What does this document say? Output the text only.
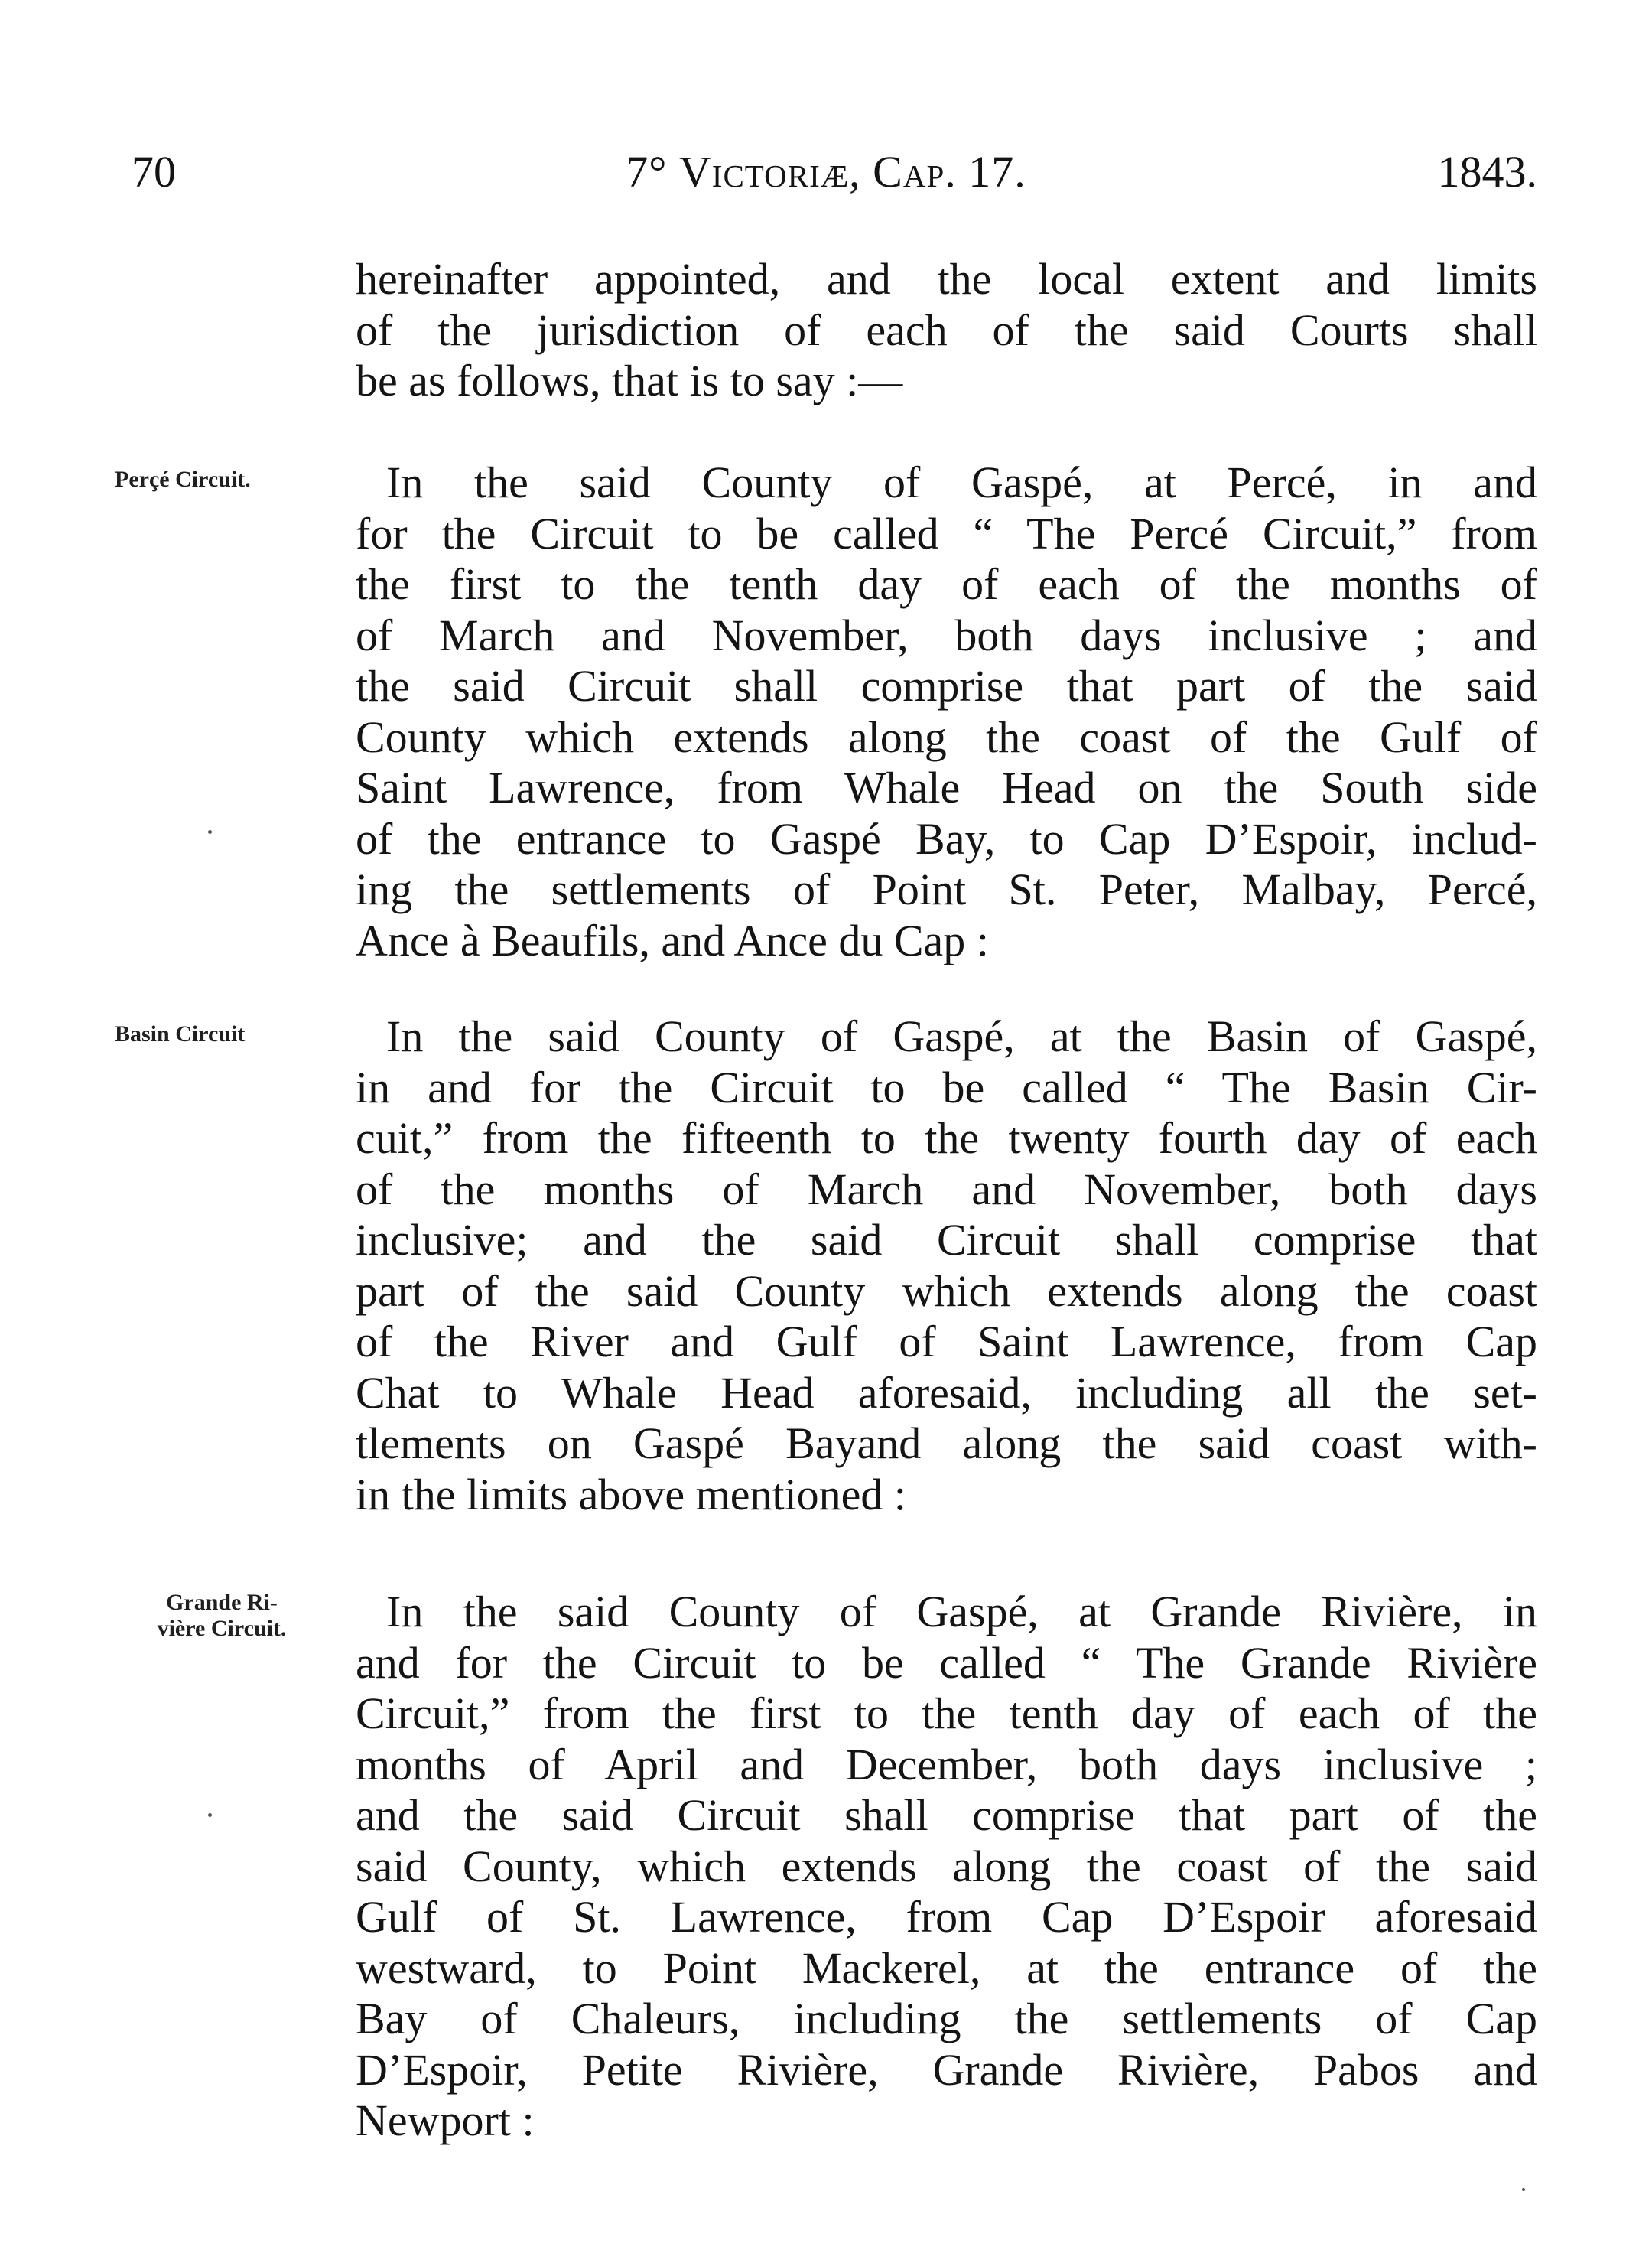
70	7° Victoriæ, Cap. 17.	1843.

hereinafter appointed, and the local extent and limits
of the jurisdiction of each of the said Courts shall
be as follows, that is to say :—

Perçé Circuit.	In the said County of Gaspé, at Percé, in and
for the Circuit to be called “ The Percé Circuit,” from
the first to the tenth day of each of the months of
of March and November, both days inclusive ; and
the said Circuit shall comprise that part of the said
County which extends along the coast of the Gulf of
Saint Lawrence, from Whale Head on the South side
of the entrance to Gaspé Bay, to Cap D’Espoir, includ-
ing the settlements of Point St. Peter, Malbay, Percé,
Ance à Beaufils, and Ance du Cap :

Basin Circuit	In the said County of Gaspé, at the Basin of Gaspé,
in and for the Circuit to be called “ The Basin Cir-
cuit,” from the fifteenth to the twenty fourth day of each
of the months of March and November, both days
inclusive; and the said Circuit shall comprise that
part of the said County which extends along the coast
of the River and Gulf of Saint Lawrence, from Cap
Chat to Whale Head aforesaid, including all the set-
tlements on Gaspé Bayand along the said coast with-
in the limits above mentioned :

Grande Ri-
vière Circuit.	In the said County of Gaspé, at Grande Rivière, in
and for the Circuit to be called “ The Grande Rivière
Circuit,” from the first to the tenth day of each of the
months of April and December, both days inclusive ;
and the said Circuit shall comprise that part of the
said County, which extends along the coast of the said
Gulf of St. Lawrence, from Cap D’Espoir aforesaid
westward, to Point Mackerel, at the entrance of the
Bay of Chaleurs, including the settlements of Cap
D’Espoir, Petite Rivière, Grande Rivière, Pabos and
Newport :
